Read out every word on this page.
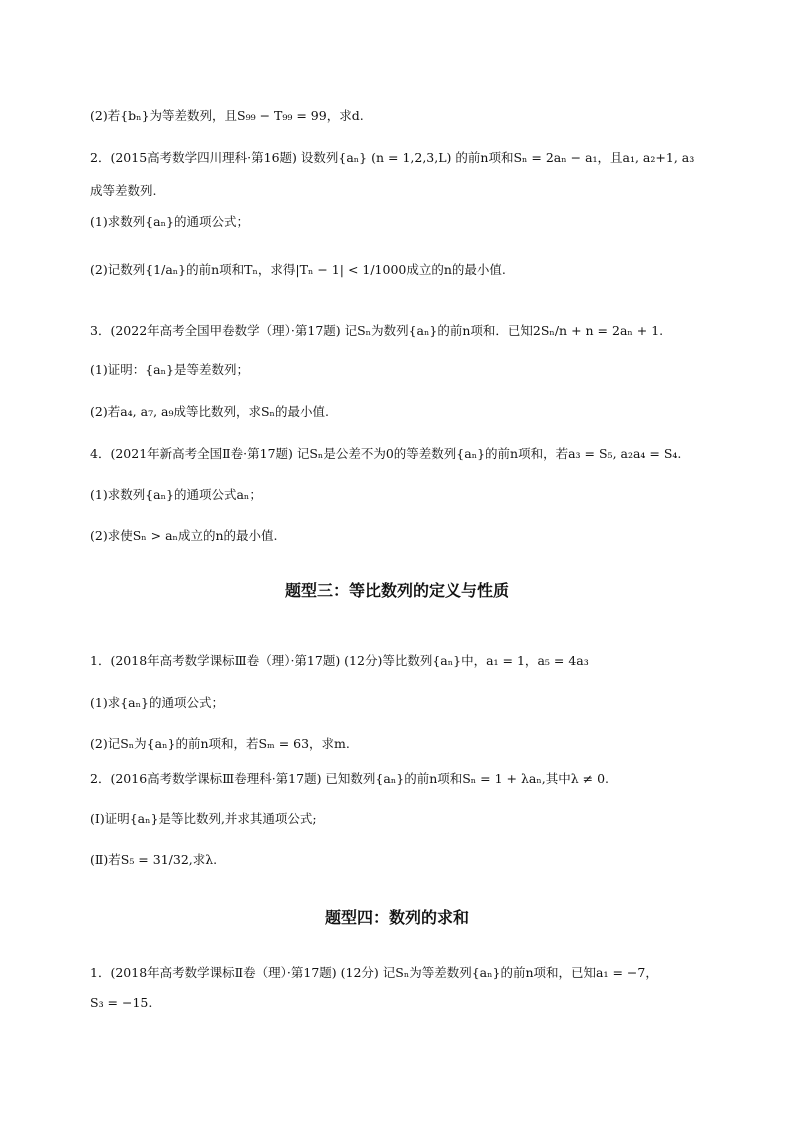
(2)若{bₙ}为等差数列，且S₉₉ − T₉₉ = 99，求d.
2．(2015高考数学四川理科·第16题) 设数列{aₙ} (n = 1,2,3,L) 的前n项和Sₙ = 2aₙ − a₁，且a₁, a₂+1, a₃
成等差数列.
(1)求数列{aₙ}的通项公式；
(2)记数列{1/aₙ}的前n项和Tₙ，求得|Tₙ − 1| < 1/1000成立的n的最小值.
3．(2022年高考全国甲卷数学（理）·第17题) 记Sₙ为数列{aₙ}的前n项和．已知2Sₙ/n + n = 2aₙ + 1.
(1)证明：{aₙ}是等差数列；
(2)若a₄, a₇, a₉成等比数列，求Sₙ的最小值.
4．(2021年新高考全国Ⅱ卷·第17题) 记Sₙ是公差不为0的等差数列{aₙ}的前n项和，若a₃ = S₅, a₂a₄ = S₄.
(1)求数列{aₙ}的通项公式aₙ；
(2)求使Sₙ > aₙ成立的n的最小值.
题型三：等比数列的定义与性质
1．(2018年高考数学课标Ⅲ卷（理）·第17题) (12分)等比数列{aₙ}中，a₁ = 1，a₅ = 4a₃
(1)求{aₙ}的通项公式；
(2)记Sₙ为{aₙ}的前n项和，若Sₘ = 63，求m.
2．(2016高考数学课标Ⅲ卷理科·第17题) 已知数列{aₙ}的前n项和Sₙ = 1 + λaₙ,其中λ ≠ 0.
(Ⅰ)证明{aₙ}是等比数列,并求其通项公式;
(Ⅱ)若S₅ = 31/32,求λ.
题型四：数列的求和
1．(2018年高考数学课标Ⅱ卷（理）·第17题) (12分) 记Sₙ为等差数列{aₙ}的前n项和，已知a₁ = −7，
S₃ = −15.
